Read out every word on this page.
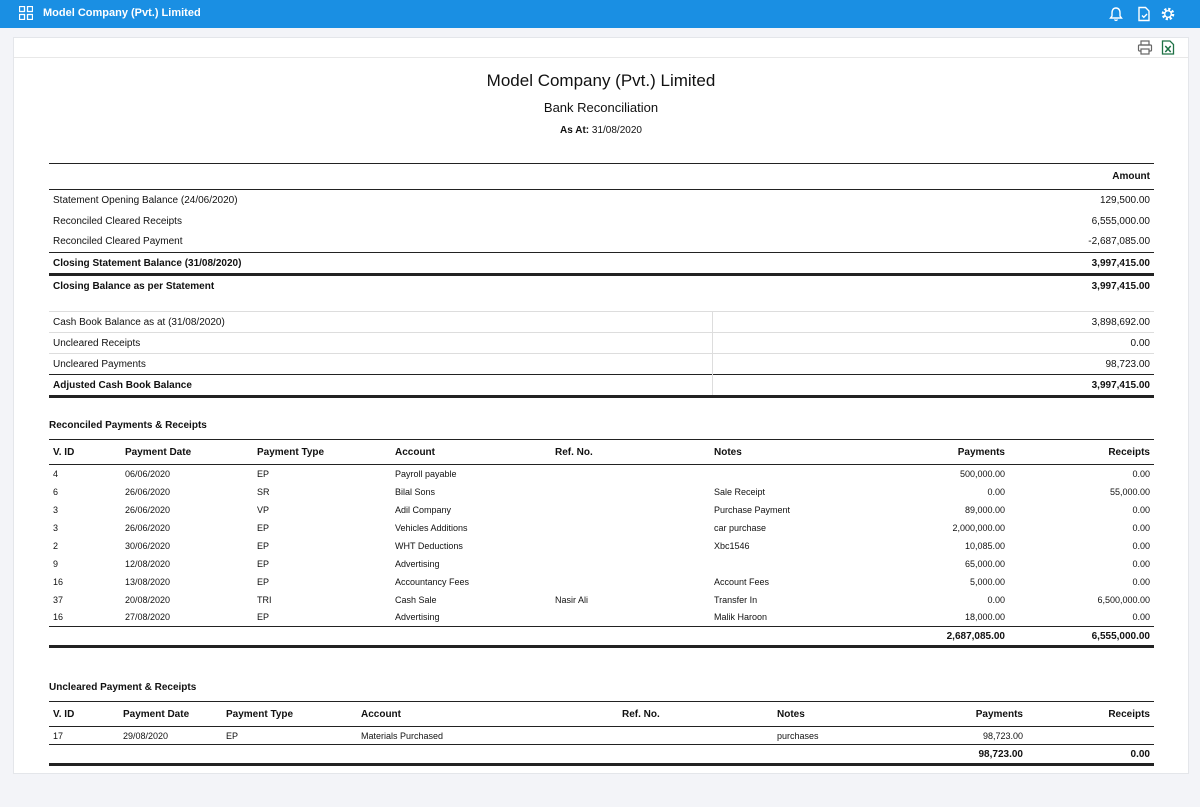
Model Company (Pvt.) Limited
Model Company (Pvt.) Limited
Bank Reconciliation
As At: 31/08/2020
	Amount
Statement Opening Balance (24/06/2020)	129,500.00
Reconciled Cleared Receipts	6,555,000.00
Reconciled Cleared Payment	-2,687,085.00
Closing Statement Balance (31/08/2020)	3,997,415.00
Closing Balance as per Statement	3,997,415.00
Cash Book Balance as at (31/08/2020)	3,898,692.00
Uncleared Receipts	0.00
Uncleared Payments	98,723.00
Adjusted Cash Book Balance	3,997,415.00
Reconciled Payments & Receipts
V. ID	Payment Date	Payment Type	Account	Ref. No.	Notes	Payments	Receipts
4	06/06/2020	EP	Payroll payable			500,000.00	0.00
6	26/06/2020	SR	Bilal Sons		Sale Receipt	0.00	55,000.00
3	26/06/2020	VP	Adil Company		Purchase Payment	89,000.00	0.00
3	26/06/2020	EP	Vehicles Additions		car purchase	2,000,000.00	0.00
2	30/06/2020	EP	WHT Deductions		Xbc1546	10,085.00	0.00
9	12/08/2020	EP	Advertising			65,000.00	0.00
16	13/08/2020	EP	Accountancy Fees		Account Fees	5,000.00	0.00
37	20/08/2020	TRI	Cash Sale	Nasir Ali	Transfer In	0.00	6,500,000.00
16	27/08/2020	EP	Advertising		Malik Haroon	18,000.00	0.00
						2,687,085.00	6,555,000.00
Uncleared Payment & Receipts
V. ID	Payment Date	Payment Type	Account	Ref. No.	Notes	Payments	Receipts
17	29/08/2020	EP	Materials Purchased		purchases	98,723.00	
						98,723.00	0.00
